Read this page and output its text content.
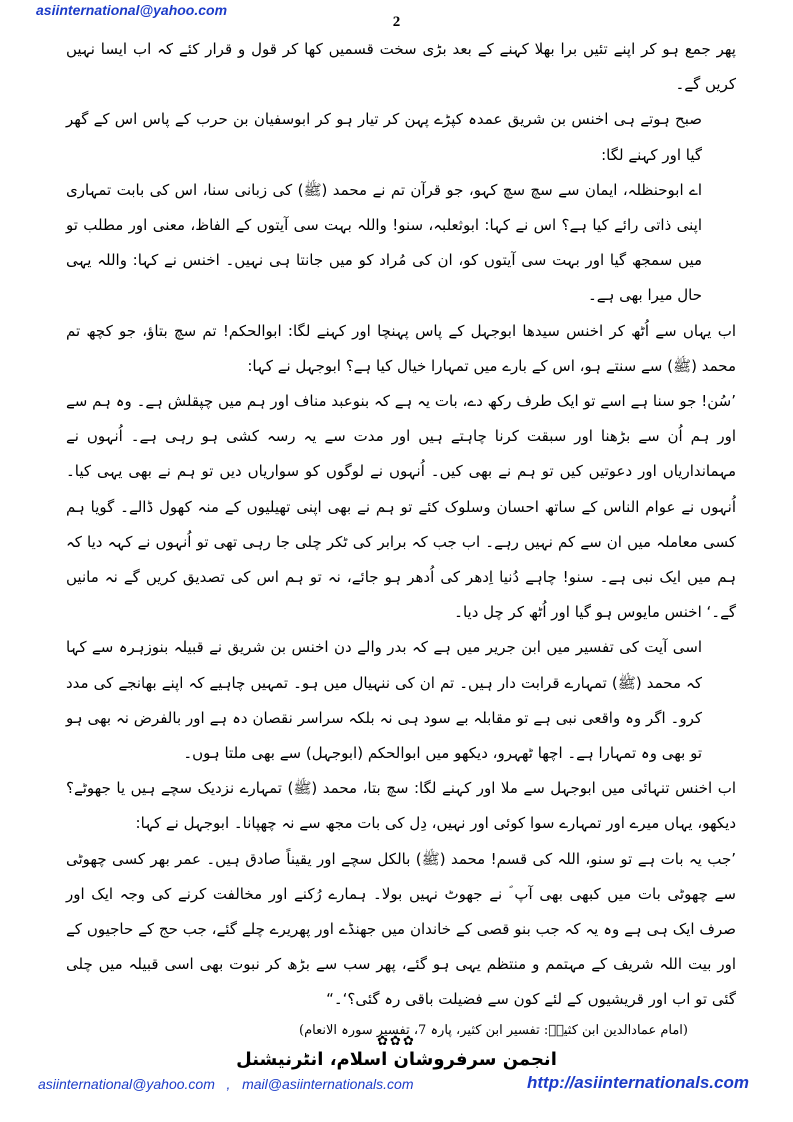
asiinternational@yahoo.com
2

پھر جمع ہو کر اپنے تئیں برا بھلا کہنے کے بعد بڑی سخت قسمیں کھا کر قول و قرار کئے کہ اب ایسا نہیں کریں گے۔

صبح ہوتے ہی اخنس بن شریق عمدہ کپڑے پہن کر تیار ہو کر ابوسفیان بن حرب کے پاس اس کے گھر گیا اور کہنے لگا:

اے ابوحنظلہ، ایمان سے سچ سچ کہو، جو قرآن تم نے محمد (ﷺ) کی زبانی سنا، اس کی بابت تمہاری اپنی ذاتی رائے کیا ہے؟ اس نے کہا: ابوثعلبہ، سنو! واللہ بہت سی آیتوں کے الفاظ، معنی اور مطلب تو میں سمجھ گیا اور بہت سی آیتوں کو، ان کی مُراد کو میں جانتا ہی نہیں۔ اخنس نے کہا: واللہ یہی حال میرا بھی ہے۔

اب یہاں سے اُٹھ کر اخنس سیدھا ابوجہل کے پاس پہنچا اور کہنے لگا: ابوالحکم! تم سچ بتاؤ، جو کچھ تم محمد (ﷺ) سے سنتے ہو، اس کے بارے میں تمہارا خیال کیا ہے؟ ابوجہل نے کہا:

’سُن! جو سنا ہے اسے تو ایک طرف رکھ دے، بات یہ ہے کہ بنوعبد مناف اور ہم میں چپقلش ہے۔ وہ ہم سے اور ہم اُن سے بڑھنا اور سبقت کرنا چاہتے ہیں اور مدت سے یہ رسہ کشی ہو رہی ہے۔ اُنہوں نے مہمانداریاں اور دعوتیں کیں تو ہم نے بھی کیں۔ اُنہوں نے لوگوں کو سواریاں دیں تو ہم نے بھی یہی کیا۔ اُنہوں نے عوام الناس کے ساتھ احسان وسلوک کئے تو ہم نے بھی اپنی تھیلیوں کے منہ کھول ڈالے۔ گویا ہم کسی معاملہ میں ان سے کم نہیں رہے۔ اب جب کہ برابر کی ٹکر چلی جا رہی تھی تو اُنہوں نے کہہ دیا کہ ہم میں ایک نبی ہے۔ سنو! چاہے دُنیا اِدھر کی اُدھر ہو جائے، نہ تو ہم اس کی تصدیق کریں گے نہ مانیں گے۔‘ اخنس مایوس ہو گیا اور اُٹھ کر چل دیا۔

اسی آیت کی تفسیر میں ابن جریر میں ہے کہ بدر والے دن اخنس بن شریق نے قبیلہ بنوزہرہ سے کہا کہ محمد (ﷺ) تمہارے قرابت دار ہیں۔ تم ان کی ننہیال میں ہو۔ تمہیں چاہیے کہ اپنے بھانجے کی مدد کرو۔ اگر وہ واقعی نبی ہے تو مقابلہ بے سود ہی نہ بلکہ سراسر نقصان دہ ہے اور بالفرض نہ بھی ہو تو بھی وہ تمہارا ہے۔ اچھا ٹھہرو، دیکھو میں ابوالحکم (ابوجہل) سے بھی ملتا ہوں۔

اب اخنس تنہائی میں ابوجہل سے ملا اور کہنے لگا: سچ بتا، محمد (ﷺ) تمہارے نزدیک سچے ہیں یا جھوٹے؟ دیکھو، یہاں میرے اور تمہارے سوا کوئی اور نہیں، دِل کی بات مجھ سے نہ چھپانا۔ ابوجہل نے کہا:

’جب یہ بات ہے تو سنو، اللہ کی قسم! محمد (ﷺ) بالکل سچے اور یقیناً صادق ہیں۔ عمر بھر کسی چھوٹی سے چھوٹی بات میں کبھی بھی آپ ؐ نے جھوٹ نہیں بولا۔ ہمارے رُکنے اور مخالفت کرنے کی وجہ ایک اور صرف ایک ہی ہے وہ یہ کہ جب بنو قصی کے خاندان میں جھنڈے اور پھریرے چلے گئے، جب حج کے حاجیوں کے اور بیت اللہ شریف کے مہتمم و منتظم یہی ہو گئے، پھر سب سے بڑھ کر نبوت بھی اسی قبیلہ میں چلی گئی تو اب اور قریشیوں کے لئے کون سے فضیلت باقی رہ گئی؟‘۔“

(امام عمادالدین ابن کثیرؒ: تفسیر ابن کثیر، پارہ 7، تفسیر سورہ الانعام)

✿✿✿
انجمن سرفروشان اسلام، انٹرنیشنل
asiinternational@yahoo.com   ,   mail@asiinternationals.com	http://asiinternationals.com
